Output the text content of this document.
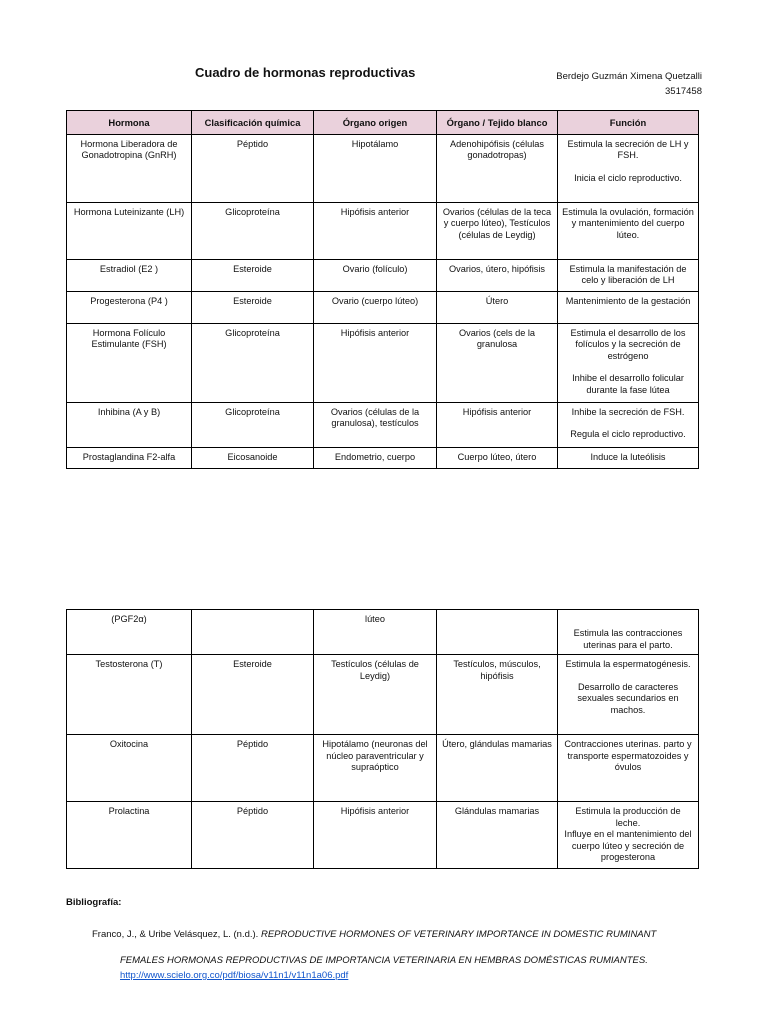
Cuadro de hormonas reproductivas	Berdejo Guzmán Ximena Quetzalli
3517458
Hormona	Clasificación química	Órgano origen	Órgano / Tejido blanco	Función
Hormona Liberadora de Gonadotropina (GnRH)	Péptido	Hipotálamo	Adenohipófisis (células gonadotropas)	Estimula la secreción de LH y FSH.

Inicia el ciclo reproductivo.

Hormona Luteinizante (LH)	Glicoproteína	Hipófisis anterior	Ovarios (células de la teca y cuerpo lúteo), Testículos (células de Leydig)	Estimula la ovulación, formación y mantenimiento del cuerpo lúteo.

Estradiol (E2 )	Esteroide	Ovario (folículo)	Ovarios, útero, hipófisis	Estimula la manifestación de celo y liberación de LH

Progesterona (P4 )	Esteroide	Ovario (cuerpo lúteo)	Útero	Mantenimiento de la gestación

Hormona Folículo Estimulante (FSH)	Glicoproteína	Hipófisis anterior	Ovarios (cels de la granulosa	Estimula el desarrollo de los folículos y la secreción de estrógeno

Inhibe el desarrollo folicular durante la fase lútea

Inhibina (A y B)	Glicoproteína	Ovarios (células de la granulosa), testículos	Hipófisis anterior	Inhibe la secreción de FSH.

Regula el ciclo reproductivo.

Prostaglandina F2-alfa	Eicosanoide	Endometrio, cuerpo	Cuerpo lúteo, útero	Induce la luteólisis

(PGF2α)		lúteo		Estimula las contracciones uterinas para el parto.

Testosterona (T)	Esteroide	Testículos (células de Leydig)	Testículos, músculos, hipófisis	Estimula la espermatogénesis.

Desarrollo de caracteres sexuales secundarios en machos.

Oxitocina	Péptido	Hipotálamo (neuronas del núcleo paraventricular y supraóptico	Útero, glándulas mamarias	Contracciones uterinas. parto y transporte espermatozoides y óvulos

Prolactina	Péptido	Hipófisis anterior	Glándulas mamarias	Estimula la producción de leche.
Influye en el mantenimiento del cuerpo lúteo y secreción de progesterona

Bibliografía:
Franco, J., & Uribe Velásquez, L. (n.d.). REPRODUCTIVE HORMONES OF VETERINARY IMPORTANCE IN DOMESTIC RUMINANT
FEMALES HORMONAS REPRODUCTIVAS DE IMPORTANCIA VETERINARIA EN HEMBRAS DOMÉSTICAS RUMIANTES.
http://www.scielo.org.co/pdf/biosa/v11n1/v11n1a06.pdf
